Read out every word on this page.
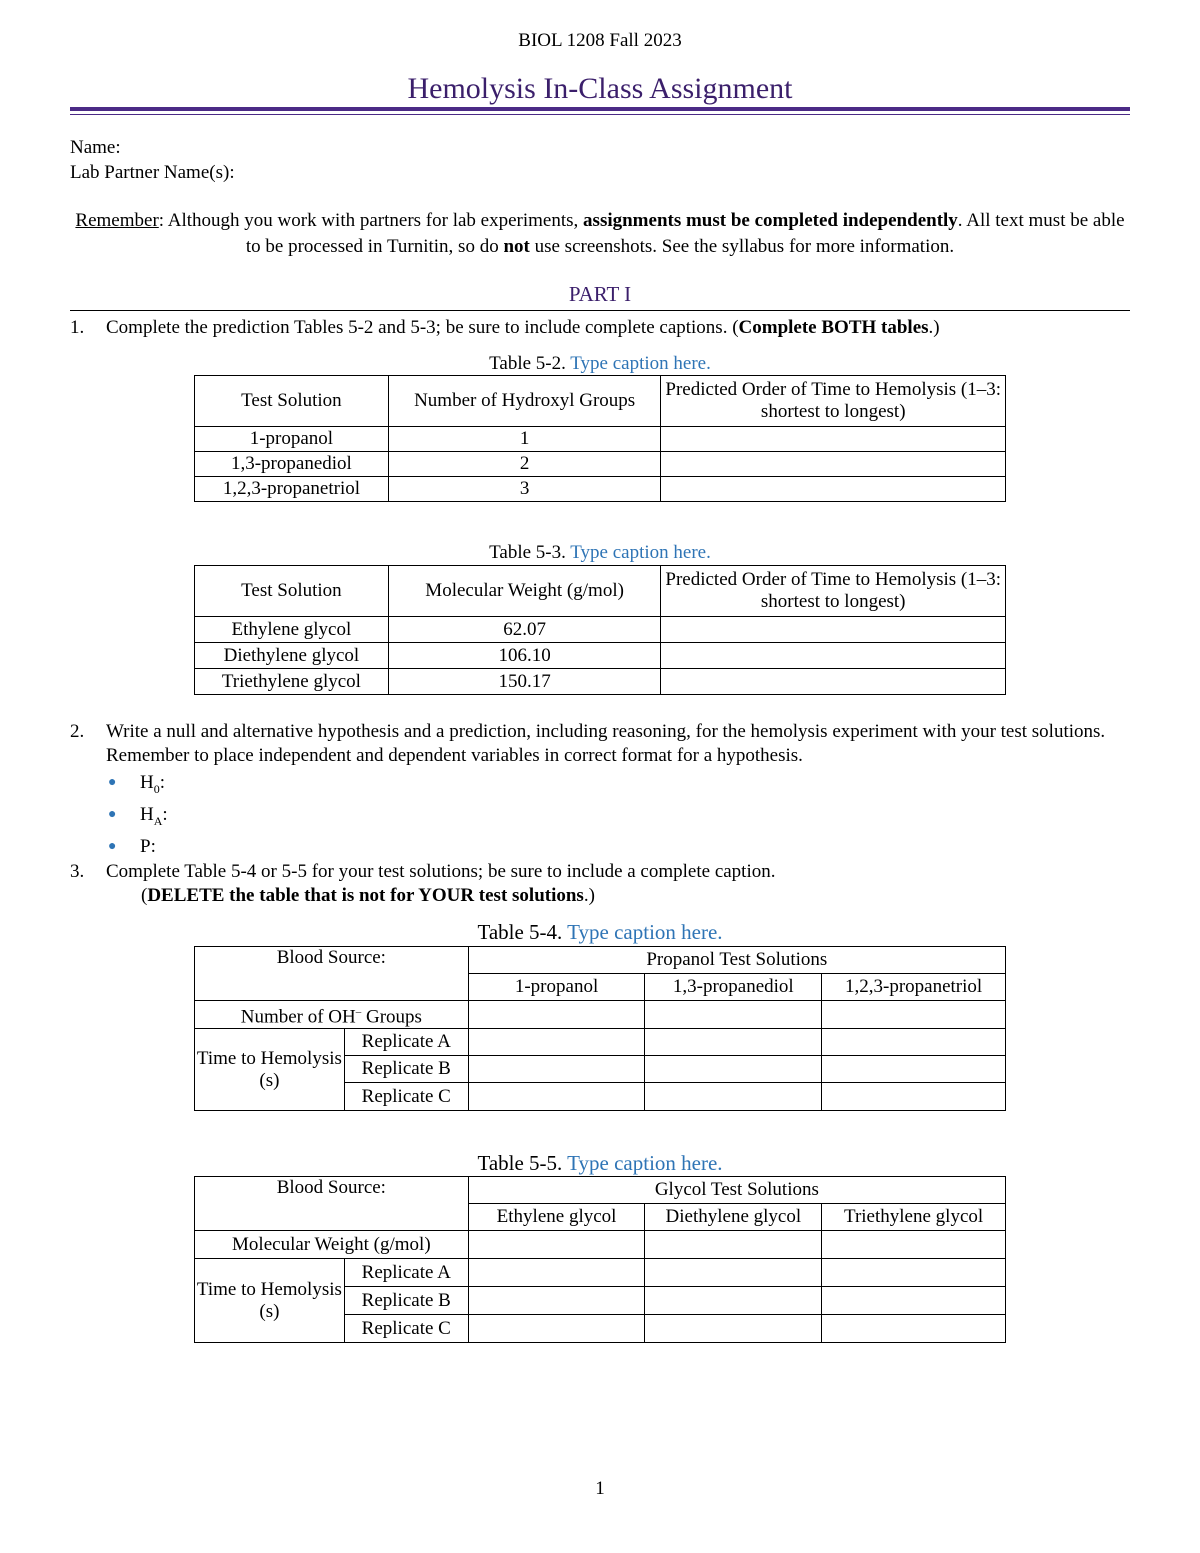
BIOL 1208 Fall 2023
Hemolysis In-Class Assignment
Name:
Lab Partner Name(s):
Remember: Although you work with partners for lab experiments, assignments must be completed independently. All text must be able to be processed in Turnitin, so do not use screenshots. See the syllabus for more information.
PART I
1. Complete the prediction Tables 5-2 and 5-3; be sure to include complete captions. (Complete BOTH tables.)
Table 5-2. Type caption here.
Test Solution	Number of Hydroxyl Groups	Predicted Order of Time to Hemolysis (1–3: shortest to longest)
1-propanol	1	
1,3-propanediol	2	
1,2,3-propanetriol	3	
Table 5-3. Type caption here.
Test Solution	Molecular Weight (g/mol)	Predicted Order of Time to Hemolysis (1–3: shortest to longest)
Ethylene glycol	62.07	
Diethylene glycol	106.10	
Triethylene glycol	150.17	
2. Write a null and alternative hypothesis and a prediction, including reasoning, for the hemolysis experiment with your test solutions. Remember to place independent and dependent variables in correct format for a hypothesis.
● $H_0$:
● $H_A$:
● P:
3. Complete Table 5-4 or 5-5 for your test solutions; be sure to include a complete caption.
(DELETE the table that is not for YOUR test solutions.)
Table 5-4. Type caption here.
Blood Source:		Propanol Test Solutions		
		1-propanol	1,3-propanediol	1,2,3-propanetriol
Number of OH– Groups				
Time to Hemolysis (s)	Replicate A			
	Replicate B			
	Replicate C			
Table 5-5. Type caption here.
Blood Source:		Glycol Test Solutions		
		Ethylene glycol	Diethylene glycol	Triethylene glycol
Molecular Weight (g/mol)				
Time to Hemolysis (s)	Replicate A			
	Replicate B			
	Replicate C			
1
